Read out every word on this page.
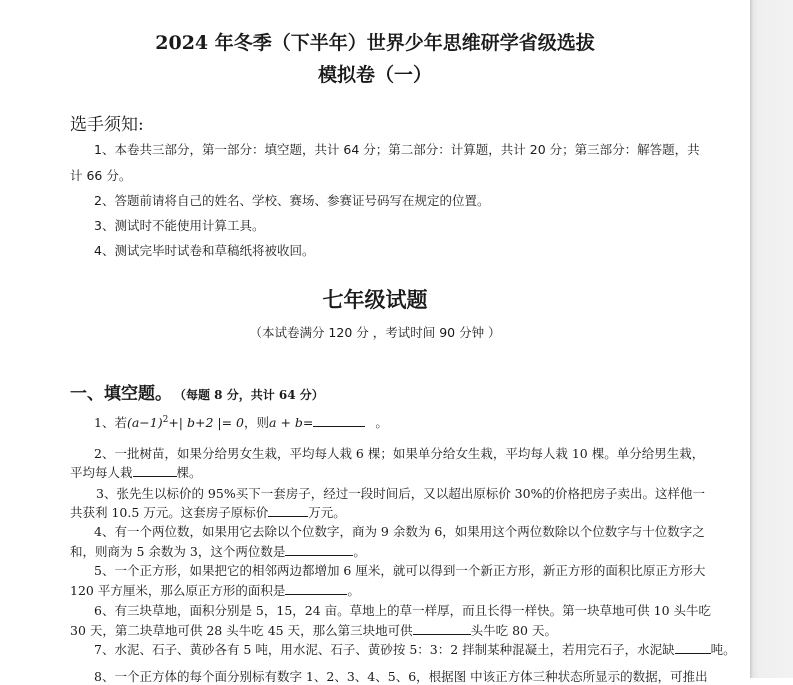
2024 年冬季（下半年）世界少年思维研学省级选拔
模拟卷（一）
选手须知:
1、本卷共三部分，第一部分：填空题，共计 64 分；第二部分：计算题，共计 20 分；第三部分：解答题，共
计 66 分。
2、答题前请将自己的姓名、学校、赛场、参赛证号码写在规定的位置。
3、测试时不能使用计算工具。
4、测试完毕时试卷和草稿纸将被收回。
七年级试题
（本试卷满分 120 分 ，考试时间 90 分钟 ）
一、填空题。 （每题 8 分，共计 64 分）
1、若$(a-1)^2+|$ b+2 |= 0，则a + b=	。
2、一批树苗，如果分给男女生栽，平均每人栽 6 棵；如果单分给女生栽，平均每人栽 10 棵。单分给男生栽，
平均每人栽	棵。
3、张先生以标价的 95%买下一套房子，经过一段时间后，又以超出原标价 30%的价格把房子卖出。这样他一
共获利 10.5 万元。这套房子原标价	万元。
4、有一个两位数，如果用它去除以个位数字，商为 9 余数为 6，如果用这个两位数除以个位数字与十位数字之
和，则商为 5 余数为 3，这个两位数是	。
5、一个正方形，如果把它的相邻两边都增加 6 厘米，就可以得到一个新正方形，新正方形的面积比原正方形大
120 平方厘米，那么原正方形的面积是	。
6、有三块草地，面积分别是 5，15，24 亩。草地上的草一样厚，而且长得一样快。第一块草地可供 10 头牛吃
30 天，第二块草地可供 28 头牛吃 45 天，那么第三块地可供	头牛吃 80 天。
7、水泥、石子、黄砂各有 5 吨，用水泥、石子、黄砂按 5：3：2 拌制某种混凝土，若用完石子，水泥缺	吨。
8、一个正方体的每个面分别标有数字 1、2、3、4、5、6，根据图 中该正方体三种状态所显示的数据，可推出
